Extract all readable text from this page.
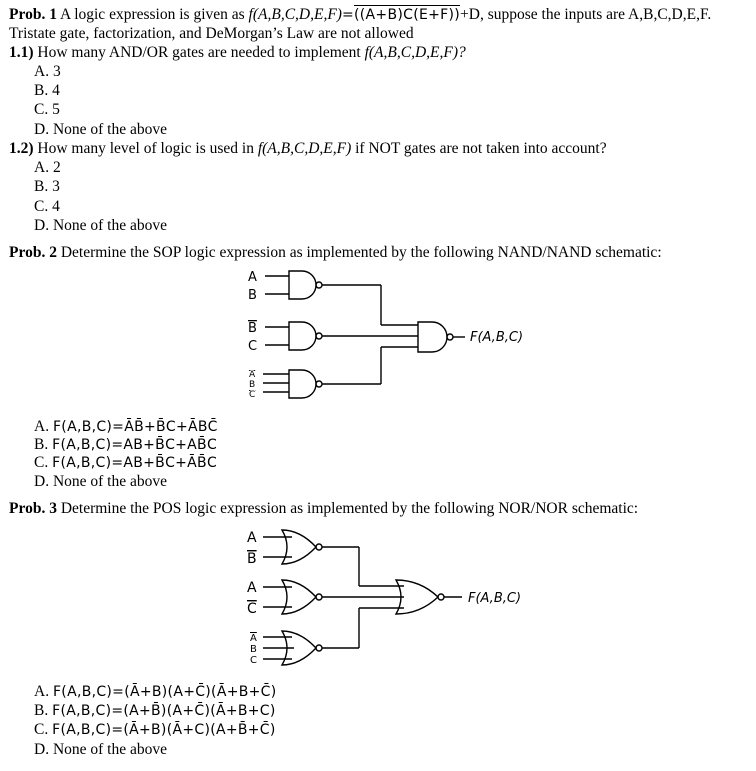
Prob. 1 A logic expression is given as f(A,B,C,D,E,F)=((A+B)C(E+F))+D, suppose the inputs are A,B,C,D,E,F.
Tristate gate, factorization, and DeMorgan’s Law are not allowed
1.1) How many AND/OR gates are needed to implement f(A,B,C,D,E,F)?
A. 3
B. 4
C. 5
D. None of the above
1.2) How many level of logic is used in f(A,B,C,D,E,F) if NOT gates are not taken into account?
A. 2
B. 3
C. 4
D. None of the above
Prob. 2 Determine the SOP logic expression as implemented by the following NAND/NAND schematic:
A
B
B
C
A
B
C
F(A,B,C)
A. F(A,B,C)=ĀB̄+B̄C+ĀBC̄
B. F(A,B,C)=AB+B̄C+AB̄C
C. F(A,B,C)=AB+B̄C+ĀB̄C
D. None of the above
Prob. 3 Determine the POS logic expression as implemented by the following NOR/NOR schematic:
A
B
A
C
A
B
C
F(A,B,C)
A. F(A,B,C)=(Ā+B)(A+C̄)(Ā+B+C̄)
B. F(A,B,C)=(A+B̄)(A+C̄)(Ā+B+C)
C. F(A,B,C)=(Ā+B)(Ā+C)(A+B̄+C̄)
D. None of the above
